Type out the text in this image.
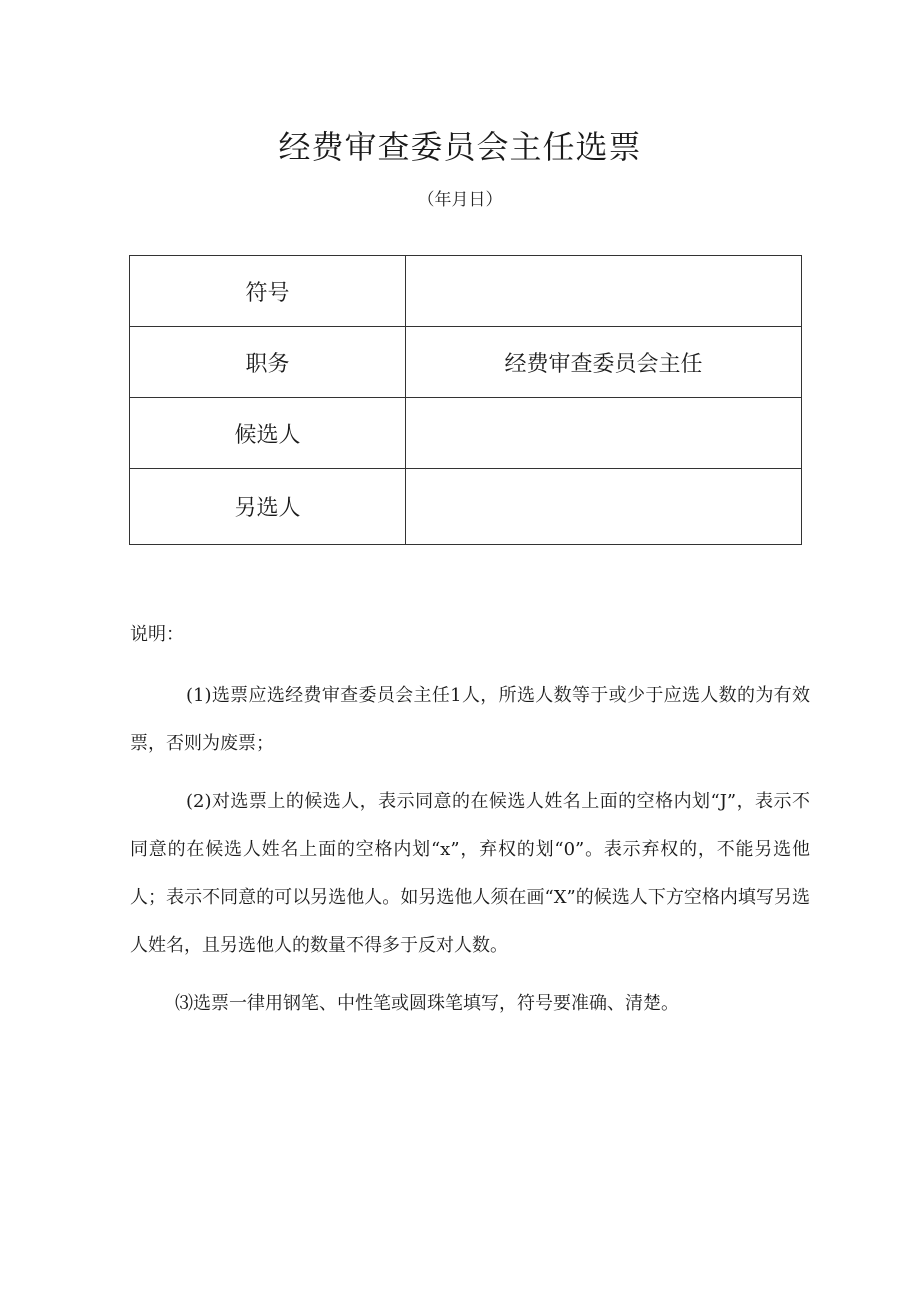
经费审查委员会主任选票
（年月日）
符号	
职务	经费审查委员会主任
候选人	
另选人	
说明：

(1)选票应选经费审查委员会主任1人，所选人数等于或少于应选人数的为有效票，否则为废票；

(2)对选票上的候选人，表示同意的在候选人姓名上面的空格内划“J”，表示不同意的在候选人姓名上面的空格内划“x”，弃权的划“0”。表示弃权的，不能另选他人；表示不同意的可以另选他人。如另选他人须在画“X”的候选人下方空格内填写另选人姓名，且另选他人的数量不得多于反对人数。

⑶选票一律用钢笔、中性笔或圆珠笔填写，符号要准确、清楚。
